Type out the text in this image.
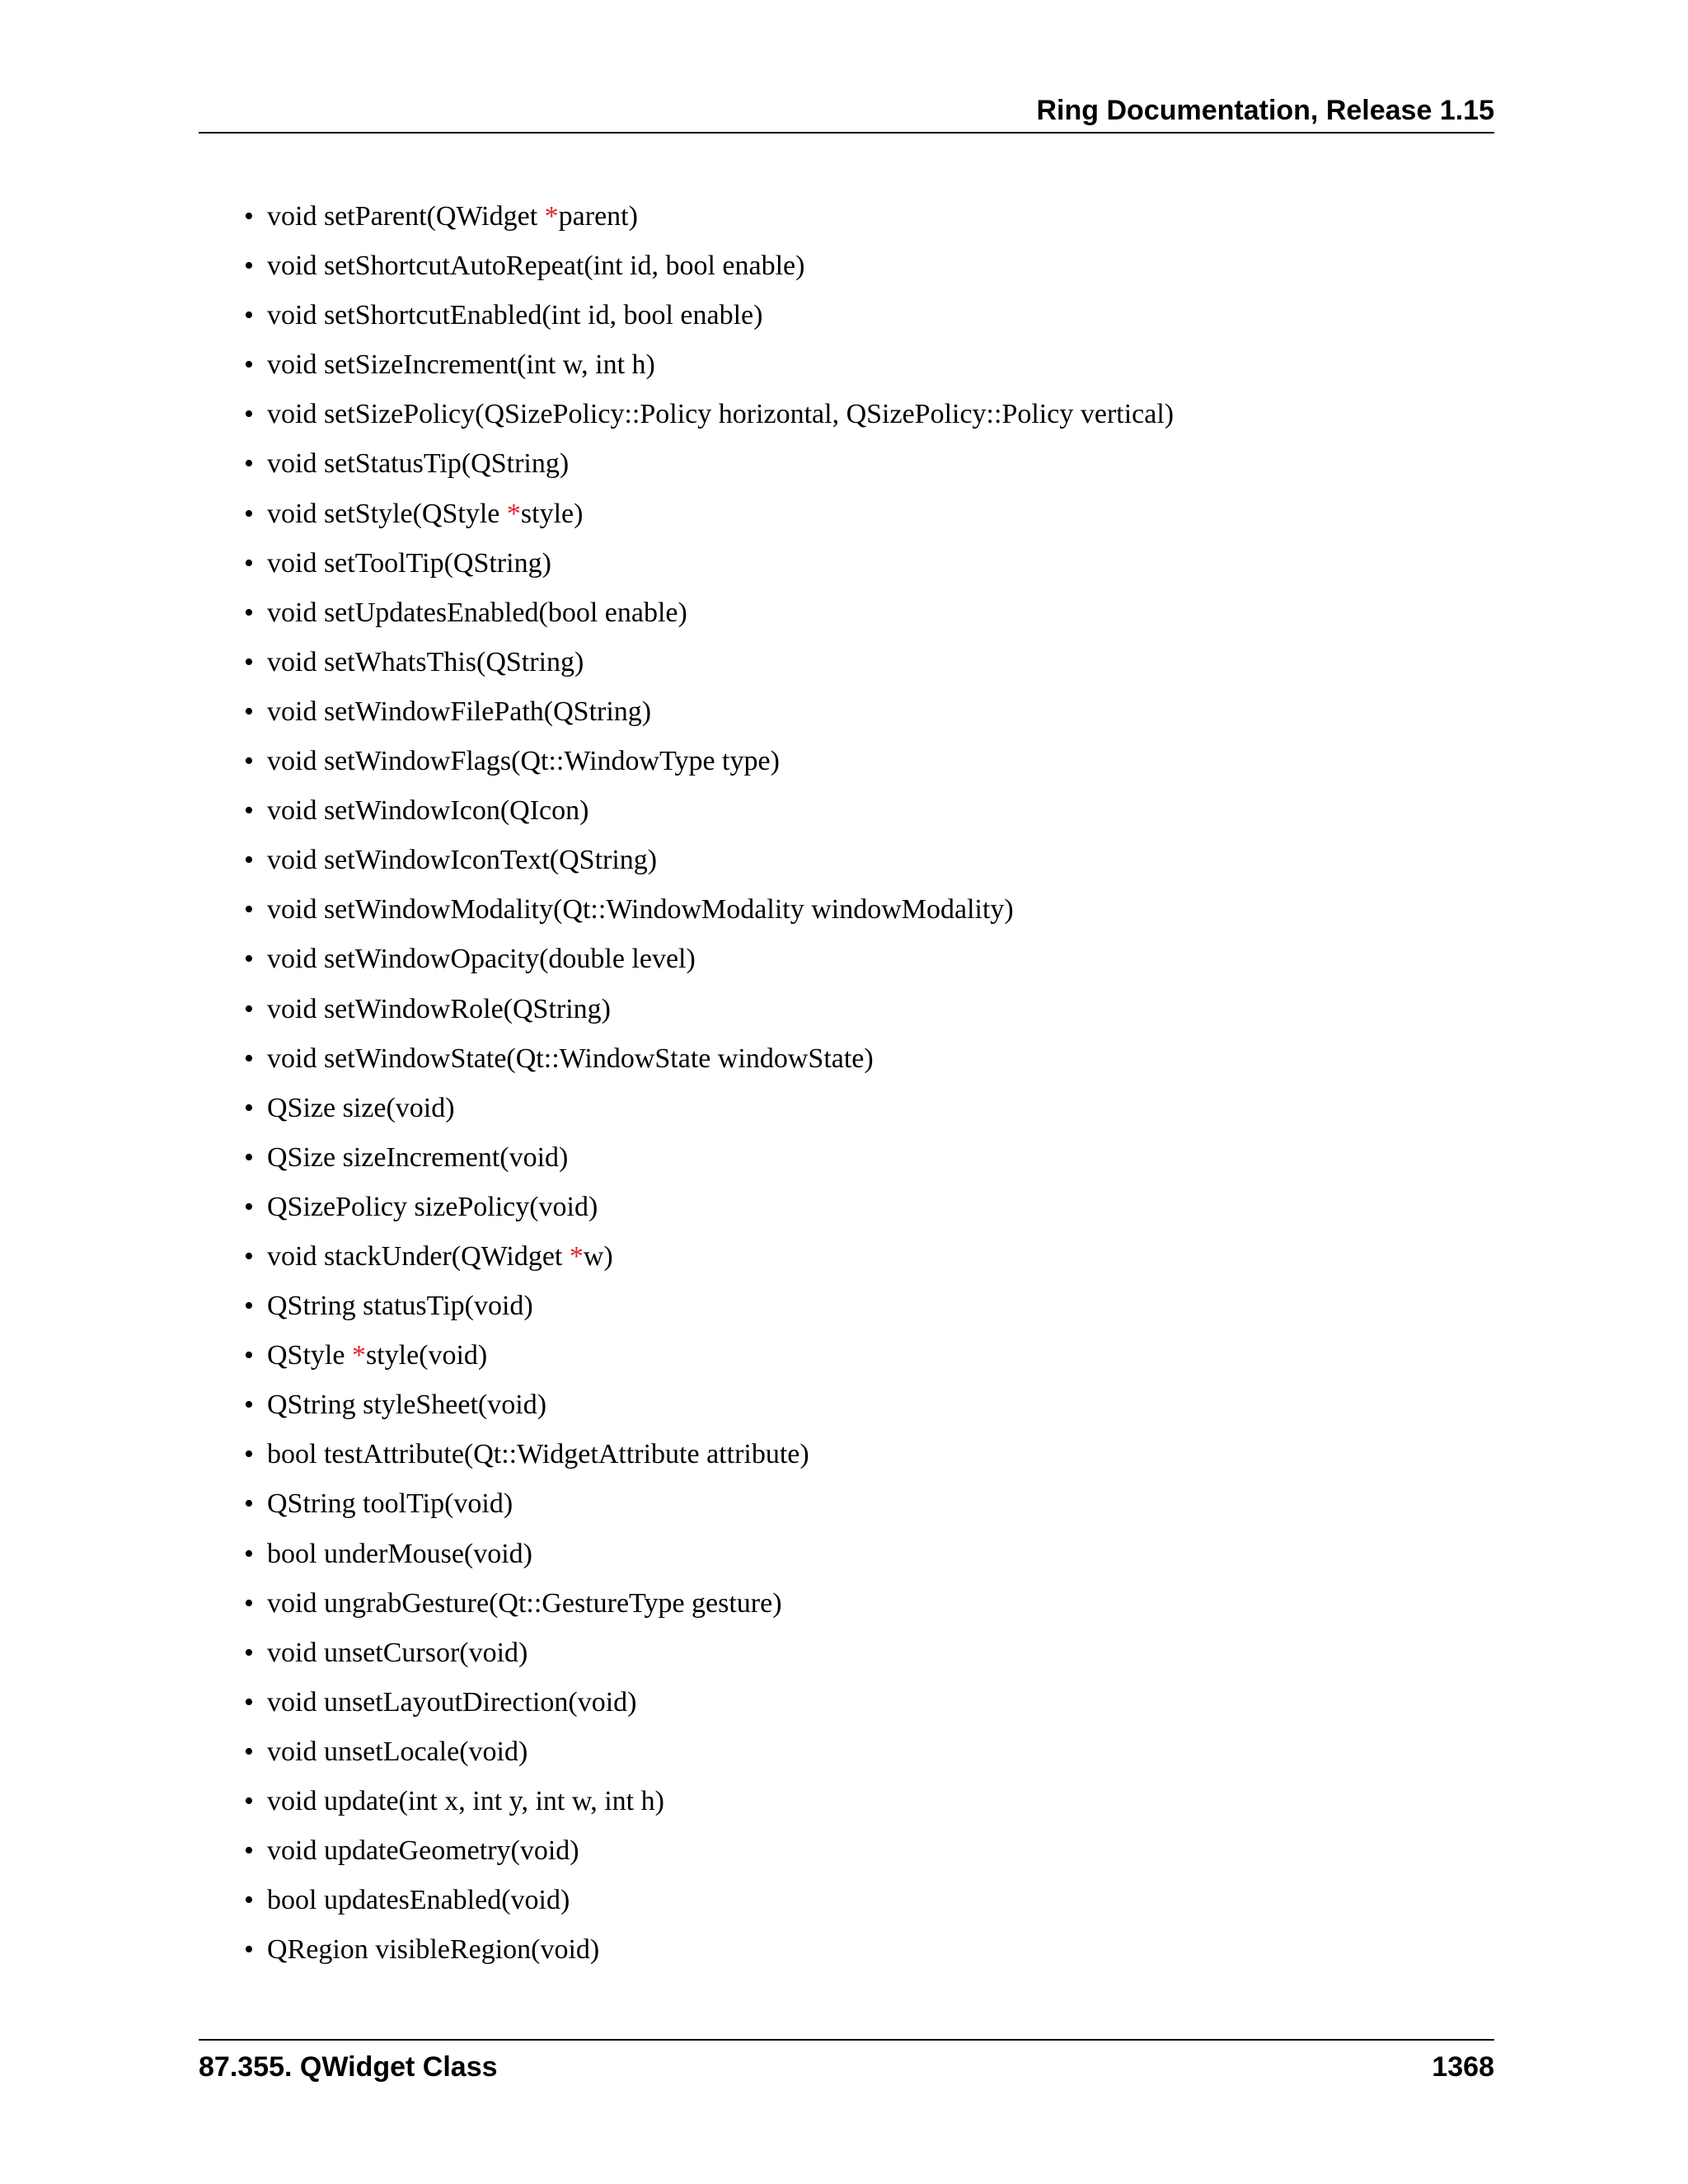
Ring Documentation, Release 1.15
• void setParent(QWidget *parent)
• void setShortcutAutoRepeat(int id, bool enable)
• void setShortcutEnabled(int id, bool enable)
• void setSizeIncrement(int w, int h)
• void setSizePolicy(QSizePolicy::Policy horizontal, QSizePolicy::Policy vertical)
• void setStatusTip(QString)
• void setStyle(QStyle *style)
• void setToolTip(QString)
• void setUpdatesEnabled(bool enable)
• void setWhatsThis(QString)
• void setWindowFilePath(QString)
• void setWindowFlags(Qt::WindowType type)
• void setWindowIcon(QIcon)
• void setWindowIconText(QString)
• void setWindowModality(Qt::WindowModality windowModality)
• void setWindowOpacity(double level)
• void setWindowRole(QString)
• void setWindowState(Qt::WindowState windowState)
• QSize size(void)
• QSize sizeIncrement(void)
• QSizePolicy sizePolicy(void)
• void stackUnder(QWidget *w)
• QString statusTip(void)
• QStyle *style(void)
• QString styleSheet(void)
• bool testAttribute(Qt::WidgetAttribute attribute)
• QString toolTip(void)
• bool underMouse(void)
• void ungrabGesture(Qt::GestureType gesture)
• void unsetCursor(void)
• void unsetLayoutDirection(void)
• void unsetLocale(void)
• void update(int x, int y, int w, int h)
• void updateGeometry(void)
• bool updatesEnabled(void)
• QRegion visibleRegion(void)
87.355. QWidget Class	1368
